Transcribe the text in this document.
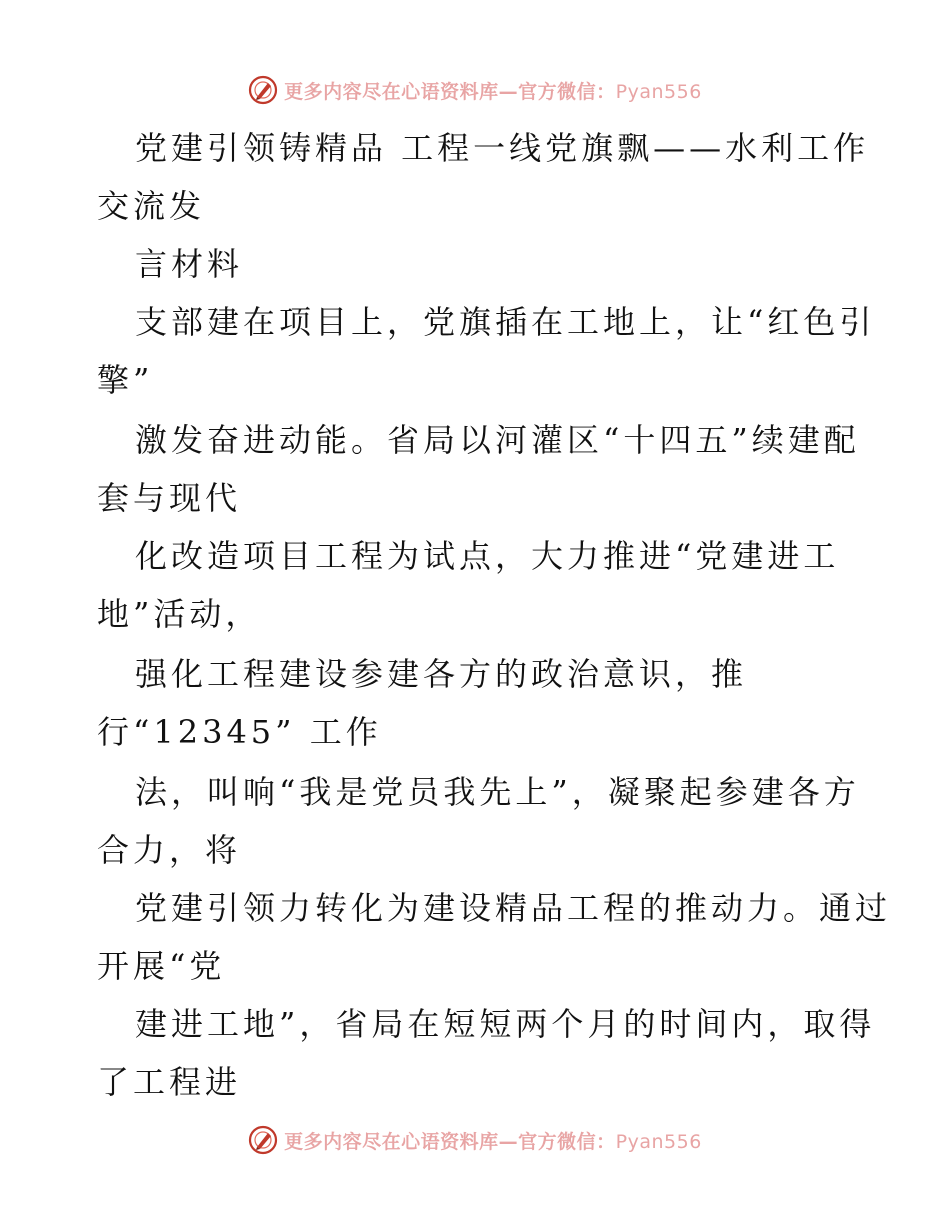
更多内容尽在心语资料库—官方微信：Pyan556
党建引领铸精品 工程一线党旗飘——水利工作
交流发
言材料
支部建在项目上，党旗插在工地上，让“红色引
擎”
激发奋进动能。省局以河灌区“十四五”续建配
套与现代
化改造项目工程为试点，大力推进“党建进工
地”活动，
强化工程建设参建各方的政治意识，推
行“12345” 工作
法，叫响“我是党员我先上”，凝聚起参建各方
合力，将
党建引领力转化为建设精品工程的推动力。通过
开展“党
建进工地”，省局在短短两个月的时间内，取得
了工程进
更多内容尽在心语资料库—官方微信：Pyan556
